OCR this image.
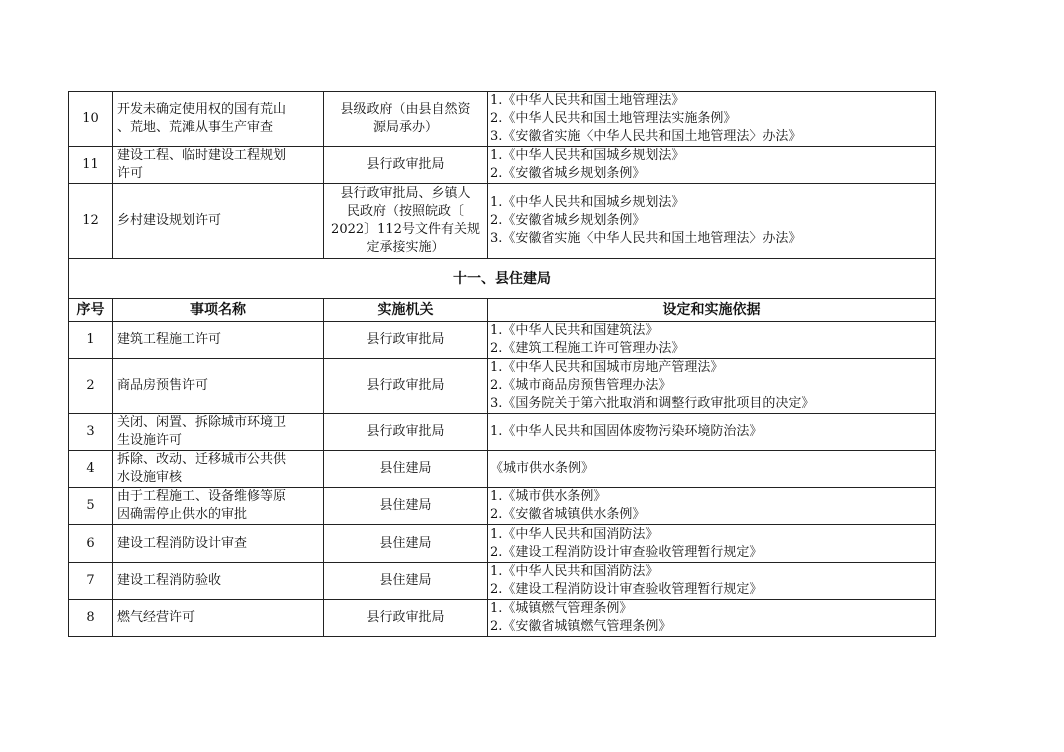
10	开发未确定使用权的国有荒山
、荒地、荒滩从事生产审查	县级政府（由县自然资
源局承办）	1.《中华人民共和国土地管理法》
2.《中华人民共和国土地管理法实施条例》
3.《安徽省实施〈中华人民共和国土地管理法〉办法》

11	建设工程、临时建设工程规划
许可	县行政审批局	1.《中华人民共和国城乡规划法》
2.《安徽省城乡规划条例》

12	乡村建设规划许可	县行政审批局、乡镇人
民政府（按照皖政〔
2022〕112号文件有关规
定承接实施）	1.《中华人民共和国城乡规划法》
2.《安徽省城乡规划条例》
3.《安徽省实施〈中华人民共和国土地管理法〉办法》

十一、县住建局			
序号	事项名称	实施机关	设定和实施依据
1	建筑工程施工许可	县行政审批局	1.《中华人民共和国建筑法》
2.《建筑工程施工许可管理办法》

2	商品房预售许可	县行政审批局	1.《中华人民共和国城市房地产管理法》
2.《城市商品房预售管理办法》
3.《国务院关于第六批取消和调整行政审批项目的决定》

3	关闭、闲置、拆除城市环境卫
生设施许可	县行政审批局	1.《中华人民共和国固体废物污染环境防治法》

4	拆除、改动、迁移城市公共供
水设施审核	县住建局	《城市供水条例》

5	由于工程施工、设备维修等原
因确需停止供水的审批	县住建局	1.《城市供水条例》
2.《安徽省城镇供水条例》

6	建设工程消防设计审查	县住建局	1.《中华人民共和国消防法》
2.《建设工程消防设计审查验收管理暂行规定》

7	建设工程消防验收	县住建局	1.《中华人民共和国消防法》
2.《建设工程消防设计审查验收管理暂行规定》

8	燃气经营许可	县行政审批局	1.《城镇燃气管理条例》
2.《安徽省城镇燃气管理条例》
